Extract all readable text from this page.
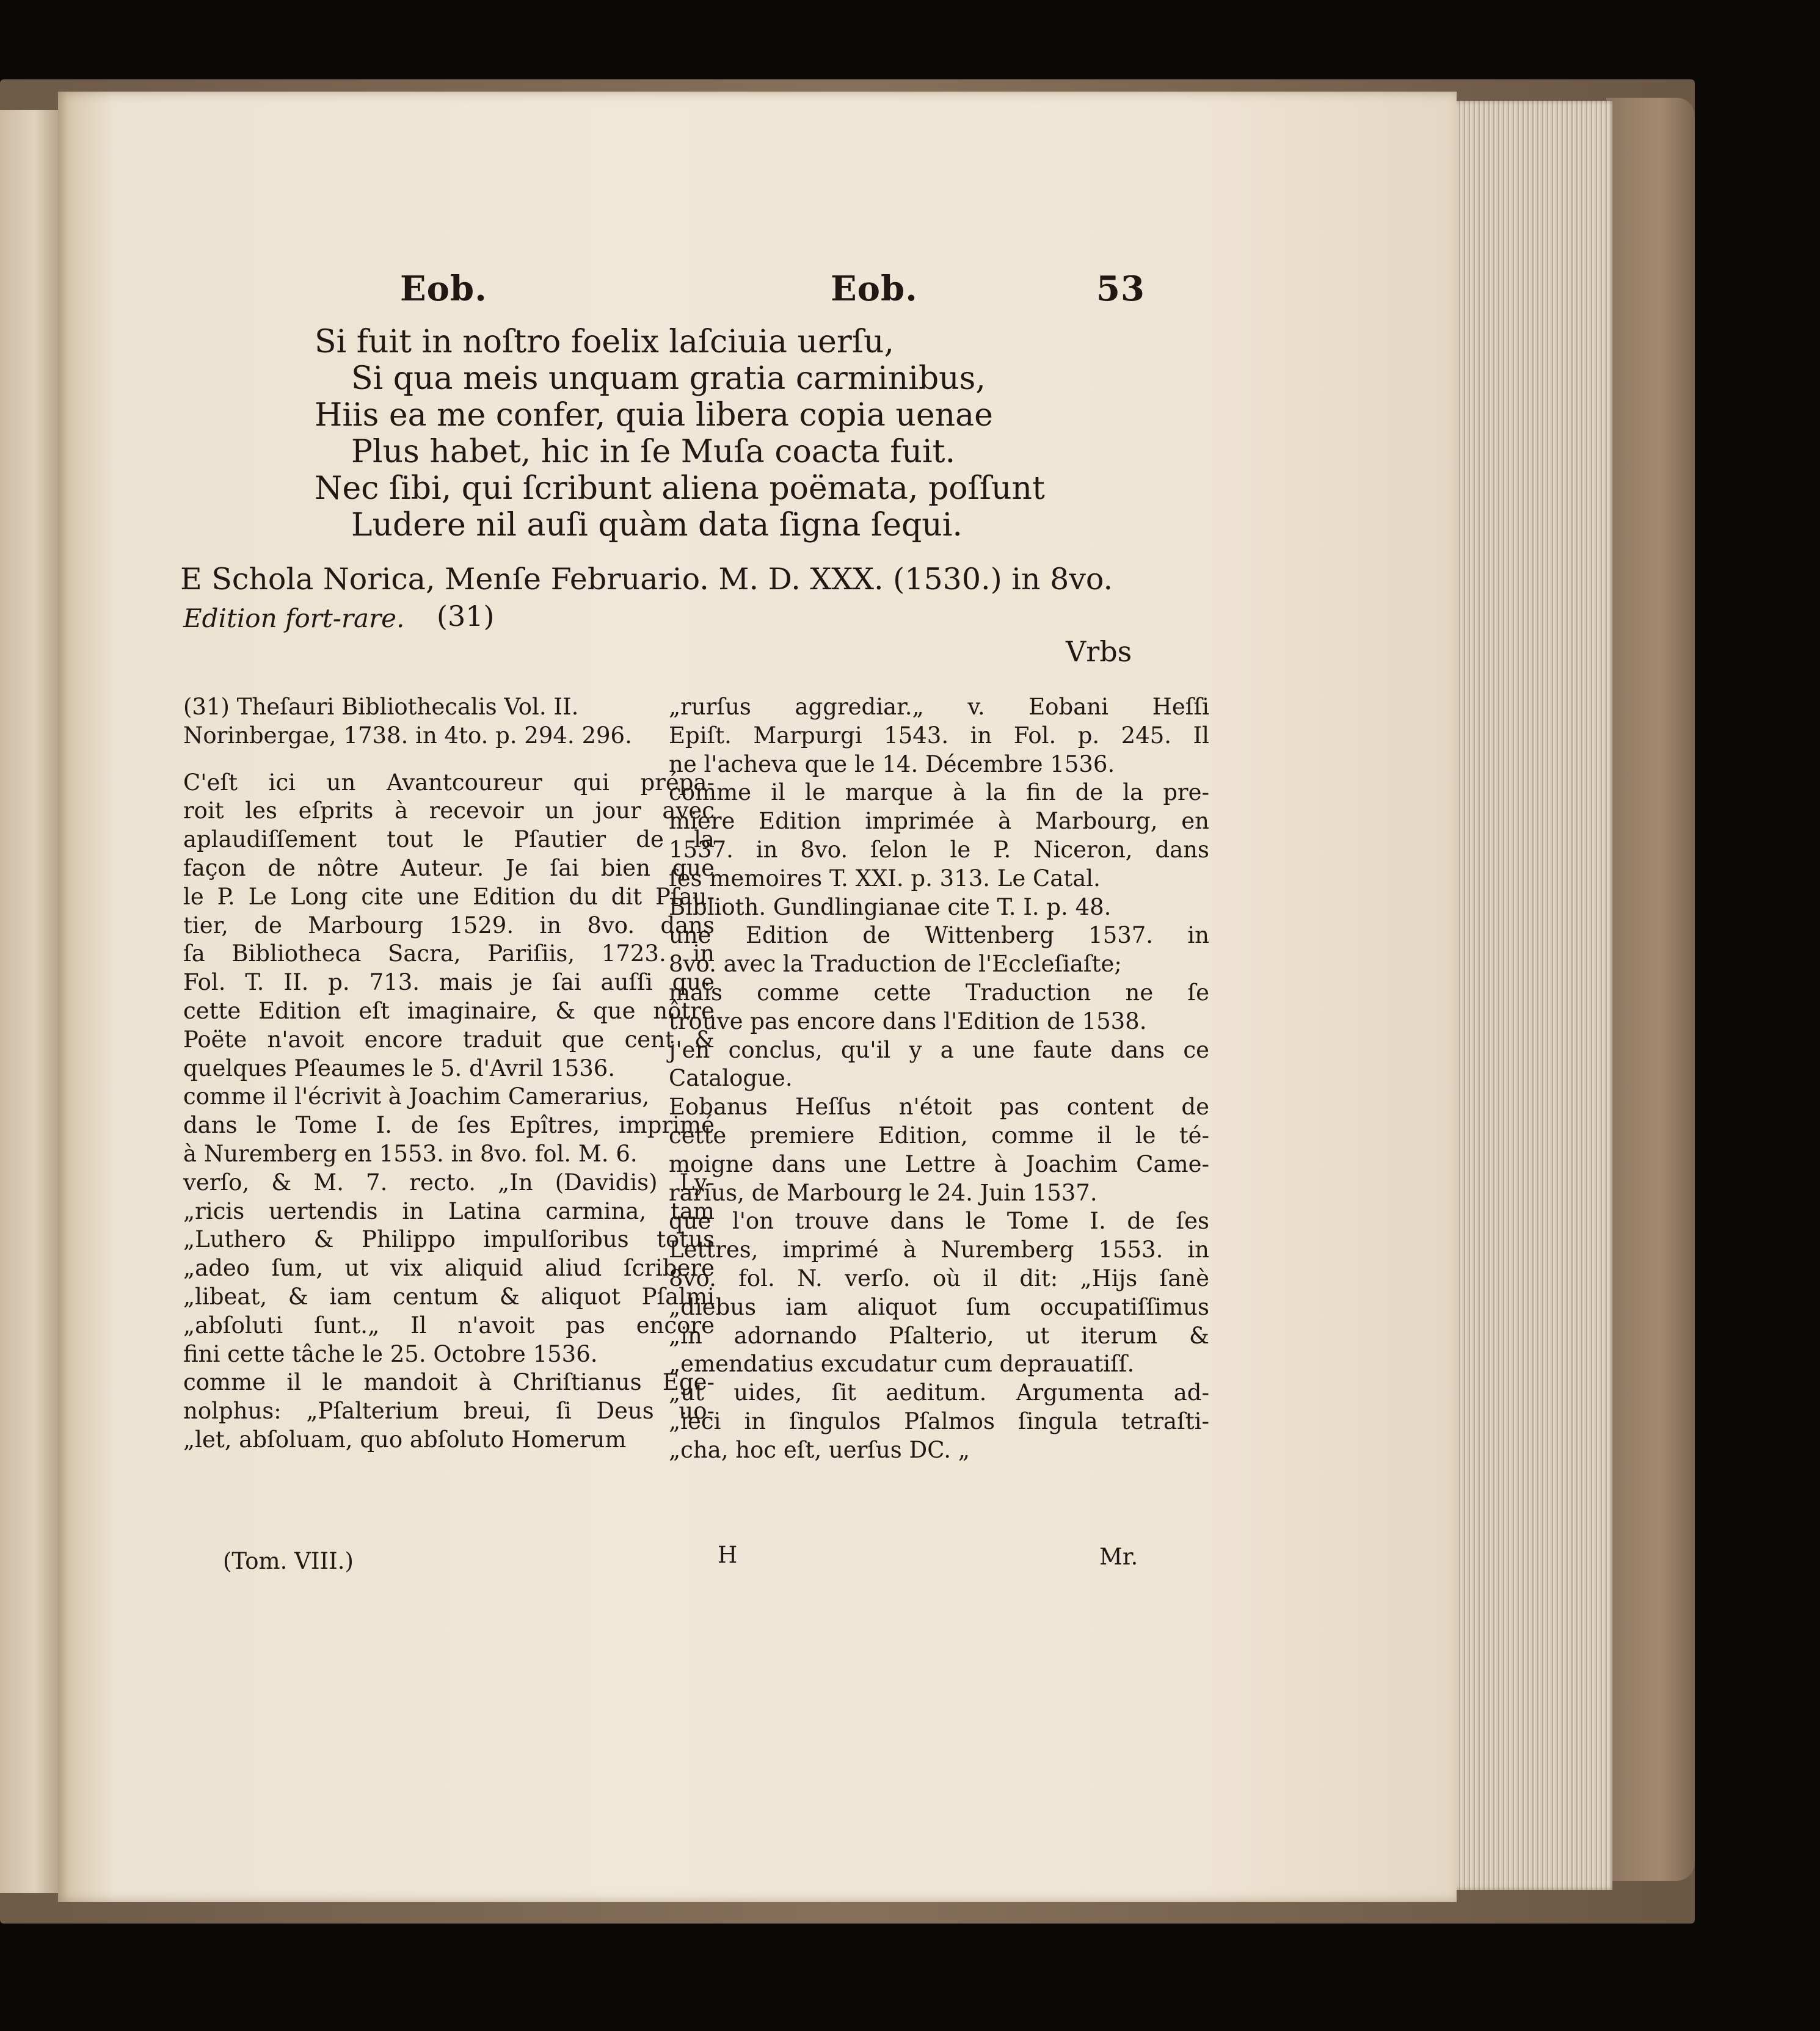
Eob.	Eob.	53
Si fuit in noſtro foelix laſciuia uerſu,
Si qua meis unquam gratia carminibus,
Hiis ea me confer, quia libera copia uenae
Plus habet, hic in ſe Muſa coacta fuit.
Nec ſibi, qui ſcribunt aliena poëmata, poſſunt
Ludere nil auſi quàm data ſigna ſequi.
E Schola Norica, Menſe Februario. M. D. XXX. (1530.) in 8vo.
Edition fort-rare. (31)
Vrbs
(31) Theſauri Bibliothecalis Vol. II.
Norinbergae, 1738. in 4to. p. 294. 296.
C'eſt ici un Avantcoureur qui prépa-
roit les eſprits à recevoir un jour avec
aplaudiſſement tout le Pſautier de la
façon de nôtre Auteur. Je ſai bien que
le P. Le Long cite une Edition du dit Pſau-
tier, de Marbourg 1529. in 8vo. dans
ſa Bibliotheca Sacra, Pariſiis, 1723. in
Fol. T. II. p. 713. mais je ſai auſſi que
cette Edition eſt imaginaire, & que nôtre
Poëte n'avoit encore traduit que cent &
quelques Pſeaumes le 5. d'Avril 1536.
comme il l'écrivit à Joachim Camerarius,
dans le Tome I. de ſes Epîtres, imprimé
à Nuremberg en 1553. in 8vo. fol. M. 6.
verſo, & M. 7. recto. „In (Davidis) Ly-
„ricis uertendis in Latina carmina, tam
„Luthero & Philippo impulſoribus totus
„adeo ſum, ut vix aliquid aliud ſcribere
„libeat, & iam centum & aliquot Pſalmi
„abſoluti ſunt.„ Il n'avoit pas encore
fini cette tâche le 25. Octobre 1536.
comme il le mandoit à Chriſtianus Ege-
nolphus: „Pſalterium breui, ſi Deus uo-
„let, abſoluam, quo abſoluto Homerum
„rurſus aggrediar.„ v. Eobani Heſſi
Epiſt. Marpurgi 1543. in Fol. p. 245. Il
ne l'acheva que le 14. Décembre 1536.
comme il le marque à la fin de la pre-
miere Edition imprimée à Marbourg, en
1537. in 8vo. ſelon le P. Niceron, dans
ſes memoires T. XXI. p. 313. Le Catal.
Biblioth. Gundlingianae cite T. I. p. 48.
une Edition de Wittenberg 1537. in
8vo. avec la Traduction de l'Eccleſiaſte;
mais comme cette Traduction ne ſe
trouve pas encore dans l'Edition de 1538.
j'en conclus, qu'il y a une faute dans ce
Catalogue.
Eobanus Heſſus n'étoit pas content de
cette premiere Edition, comme il le té-
moigne dans une Lettre à Joachim Came-
rarius, de Marbourg le 24. Juin 1537.
que l'on trouve dans le Tome I. de ſes
Lettres, imprimé à Nuremberg 1553. in
8vo. fol. N. verſo. où il dit: „Hijs ſanè
„diebus iam aliquot ſum occupatiſſimus
„in adornando Pſalterio, ut iterum &
„emendatius excudatur cum deprauatiſſ.
„ut uides, ſit aeditum. Argumenta ad-
„ieci in ſingulos Pſalmos ſingula tetraſti-
„cha, hoc eſt, uerſus DC. „
(Tom. VIII.)	H	Mr.
